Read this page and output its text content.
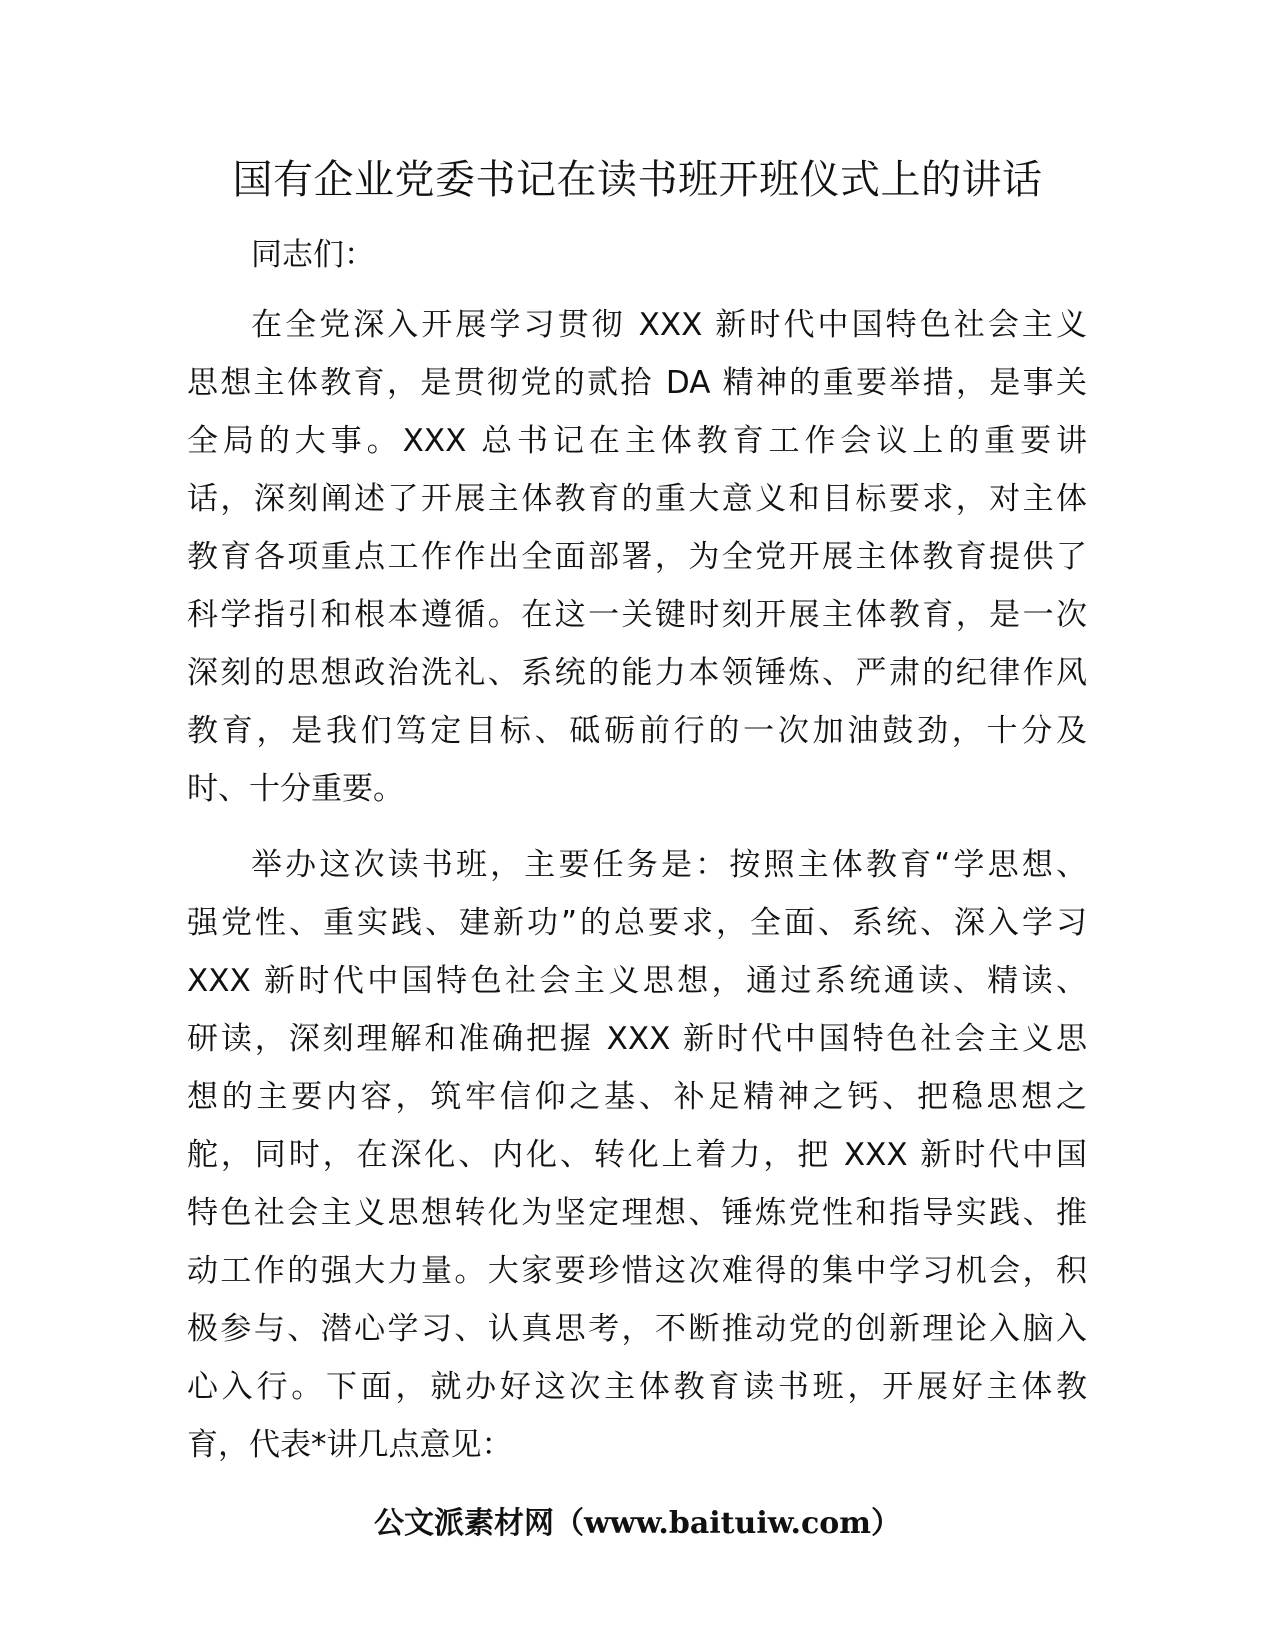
国有企业党委书记在读书班开班仪式上的讲话

同志们：

在全党深入开展学习贯彻 XXX 新时代中国特色社会主义
思想主体教育，是贯彻党的贰拾 DA 精神的重要举措，是事关
全局的大事。XXX 总书记在主体教育工作会议上的重要讲
话，深刻阐述了开展主体教育的重大意义和目标要求，对主体
教育各项重点工作作出全面部署，为全党开展主体教育提供了
科学指引和根本遵循。在这一关键时刻开展主体教育，是一次
深刻的思想政治洗礼、系统的能力本领锤炼、严肃的纪律作风
教育，是我们笃定目标、砥砺前行的一次加油鼓劲，十分及
时、十分重要。
举办这次读书班，主要任务是：按照主体教育“学思想、
强党性、重实践、建新功”的总要求，全面、系统、深入学习
XXX 新时代中国特色社会主义思想，通过系统通读、精读、
研读，深刻理解和准确把握 XXX 新时代中国特色社会主义思
想的主要内容，筑牢信仰之基、补足精神之钙、把稳思想之
舵，同时，在深化、内化、转化上着力，把 XXX 新时代中国
特色社会主义思想转化为坚定理想、锤炼党性和指导实践、推
动工作的强大力量。大家要珍惜这次难得的集中学习机会，积
极参与、潜心学习、认真思考，不断推动党的创新理论入脑入
心入行。下面，就办好这次主体教育读书班，开展好主体教
育，代表*讲几点意见：

公文派素材网（www.baituiw.com）
